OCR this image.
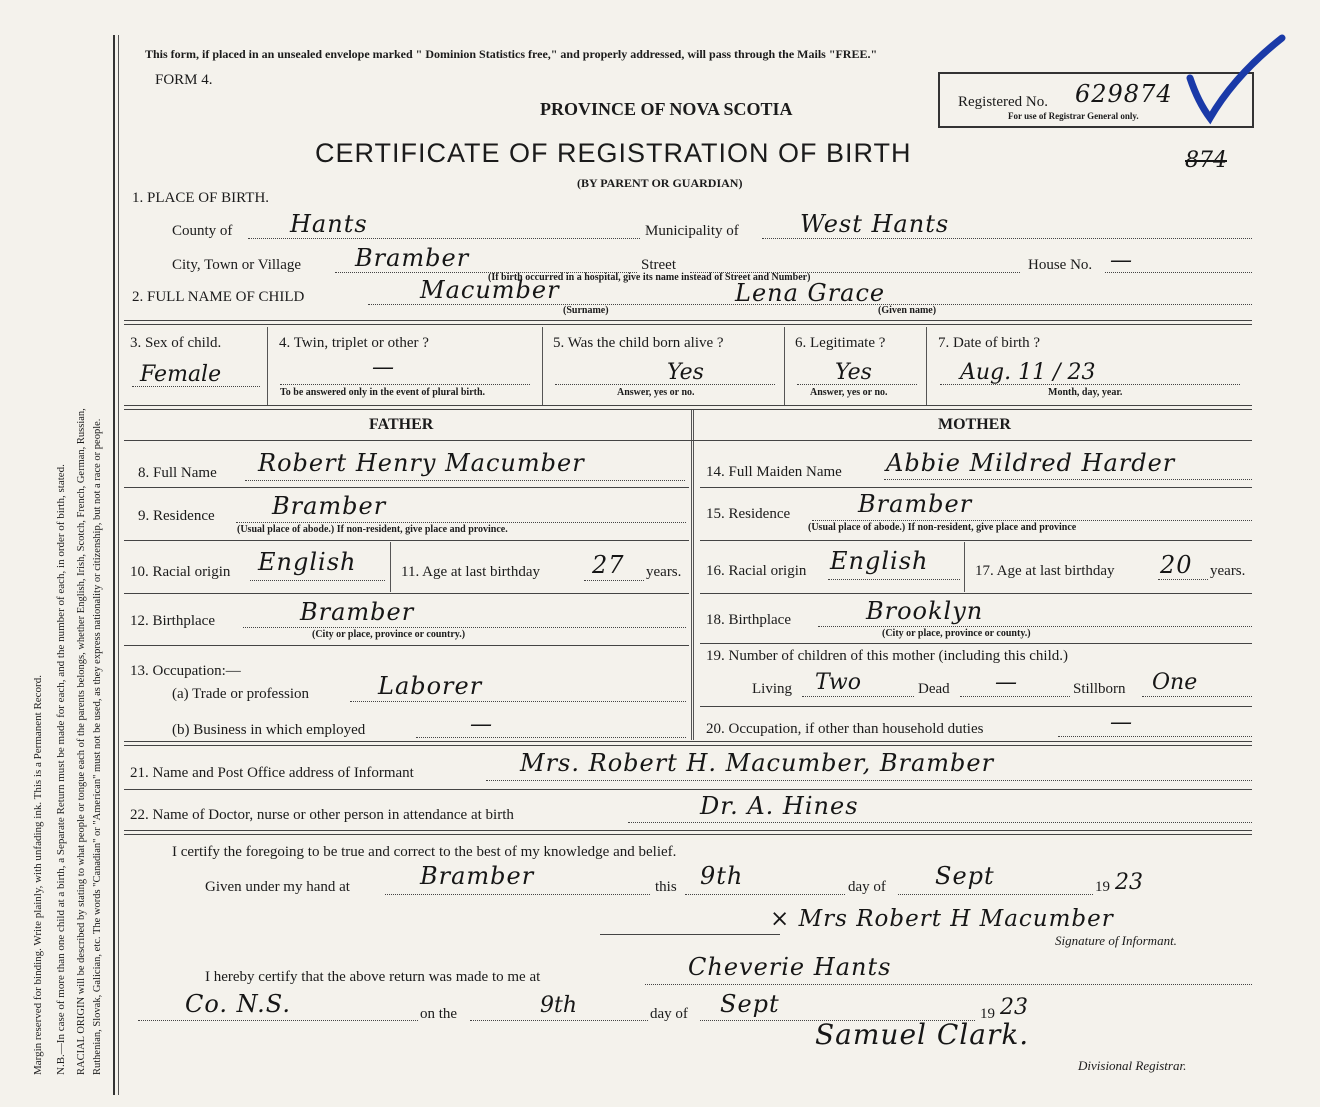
Margin reserved for binding. Write plainly, with unfading ink. This is a Permanent Record. N.B.—In case of more than one child at a birth, a Separate Return must be made for each, and the number of each, in order of birth, stated. RACIAL ORIGIN will be described by stating to what people or tongue each of the parents belongs, whether English, Irish, Scotch, French, German, Russian, Ruthenian, Slovak, Galician, etc. The words "Canadian" or "American" must not be used, as they express nationality or citizenship, but not a race or people.
This form, if placed in an unsealed envelope marked " Dominion Statistics free," and properly addressed, will pass through the Mails "FREE."
FORM 4.
PROVINCE OF NOVA SCOTIA	Registered No. 629874
For use of Registrar General only.
CERTIFICATE OF REGISTRATION OF BIRTH
(BY PARENT OR GUARDIAN)
874
1. PLACE OF BIRTH.
County of Hants	Municipality of	West Hants
City, Town or Village Bramber	Street	House No. —
(If birth occurred in a hospital, give its name instead of Street and Number)
2. FULL NAME OF CHILD	Macumber	Lena Grace
(Surname)	(Given name)
3. Sex of child.
Female
4. Twin, triplet or other ?
—
To be answered only in the event of plural birth.
5. Was the child born alive ?
Yes
Answer, yes or no.
6. Legitimate ?
Yes
Answer, yes or no.
7. Date of birth ?
Aug. 11 / 23
Month, day, year.
FATHER	MOTHER
8. Full Name Robert Henry Macumber
9. Residence Bramber
(Usual place of abode.) If non-resident, give place and province.
10. Racial origin English	11. Age at last birthday 27 years.
12. Birthplace	Bramber
(City or place, province or country.)
13. Occupation:—
(a) Trade or profession	Laborer
(b) Business in which employed	—
14. Full Maiden Name Abbie Mildred Harder
15. Residence	Bramber
(Usual place of abode.) If non-resident, give place and province
16. Racial origin English	17. Age at last birthday 20 years.
18. Birthplace	Brooklyn
(City or place, province or county.)
19. Number of children of this mother (including this child.)
Living Two	Dead —	Stillborn One
20. Occupation, if other than household duties	—
21. Name and Post Office address of Informant	Mrs. Robert H. Macumber, Bramber
22. Name of Doctor, nurse or other person in attendance at birth	Dr. A. Hines
I certify the foregoing to be true and correct to the best of my knowledge and belief.
Given under my hand at	Bramber	this 9th	day of Sept	19 23
× Mrs Robert H Macumber
Signature of Informant.
I hereby certify that the above return was made to me at	Cheverie Hants
Co. N.S.	on the	9th	day of Sept	19 23
Samuel Clark.
Divisional Registrar.
